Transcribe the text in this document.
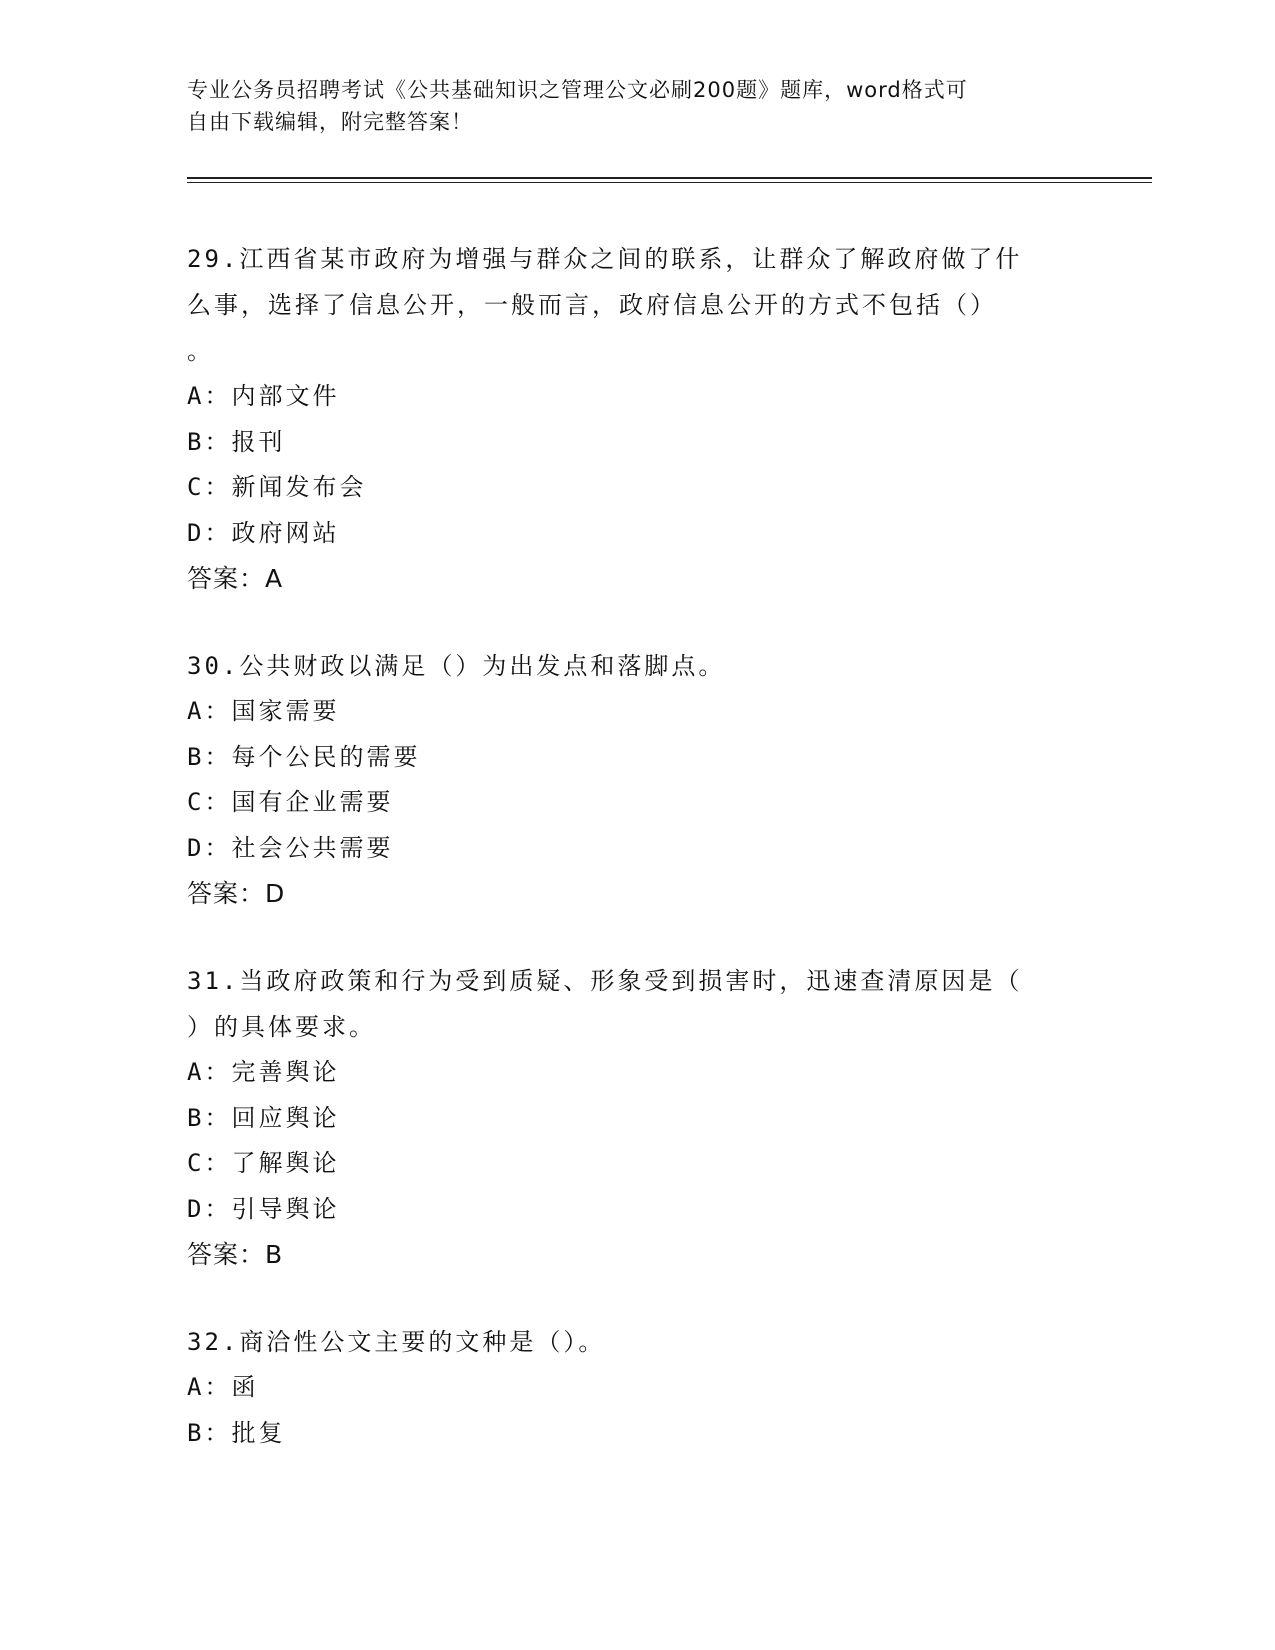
专业公务员招聘考试《公共基础知识之管理公文必刷200题》题库，word格式可
自由下载编辑，附完整答案！

29.江西省某市政府为增强与群众之间的联系，让群众了解政府做了什
么事，选择了信息公开，一般而言，政府信息公开的方式不包括（）
。

A：内部文件
B：报刊
C：新闻发布会
D：政府网站
答案：A

30.公共财政以满足（）为出发点和落脚点。

A：国家需要
B：每个公民的需要
C：国有企业需要
D：社会公共需要
答案：D

31.当政府政策和行为受到质疑、形象受到损害时，迅速查清原因是（
）的具体要求。

A：完善舆论
B：回应舆论
C：了解舆论
D：引导舆论
答案：B

32.商洽性公文主要的文种是（）。

A：函
B：批复
